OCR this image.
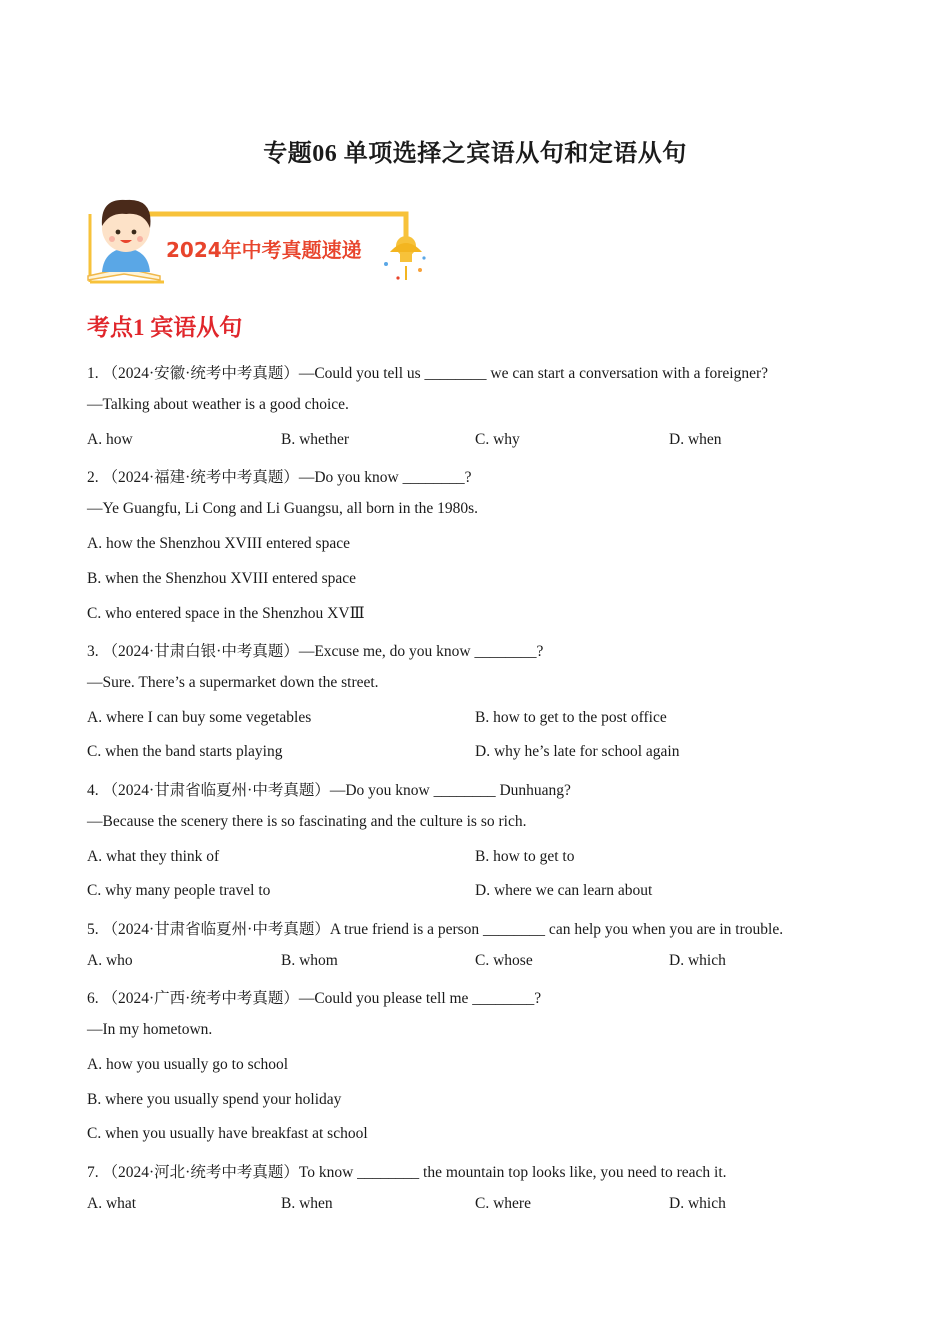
专题06 单项选择之宾语从句和定语从句
2024年中考真题速递
考点1 宾语从句
1. （2024·安徽·统考中考真题）—Could you tell us ________ we can start a conversation with a foreigner?
—Talking about weather is a good choice.
A. how	B. whether	C. why	D. when
2. （2024·福建·统考中考真题）—Do you know ________?
—Ye Guangfu, Li Cong and Li Guangsu, all born in the 1980s.
A. how the Shenzhou XVIII entered space
B. when the Shenzhou XVIII entered space
C. who entered space in the Shenzhou XVⅢ
3. （2024·甘肃白银·中考真题）—Excuse me, do you know ________?
—Sure. There’s a supermarket down the street.
A. where I can buy some vegetables	B. how to get to the post office
C. when the band starts playing	D. why he’s late for school again
4. （2024·甘肃省临夏州·中考真题）—Do you know ________ Dunhuang?
—Because the scenery there is so fascinating and the culture is so rich.
A. what they think of	B. how to get to
C. why many people travel to	D. where we can learn about
5. （2024·甘肃省临夏州·中考真题）A true friend is a person ________ can help you when you are in trouble.
A. who	B. whom	C. whose	D. which
6. （2024·广西·统考中考真题）—Could you please tell me ________?
—In my hometown.
A. how you usually go to school
B. where you usually spend your holiday
C. when you usually have breakfast at school
7. （2024·河北·统考中考真题）To know ________ the mountain top looks like, you need to reach it.
A. what	B. when	C. where	D. which
